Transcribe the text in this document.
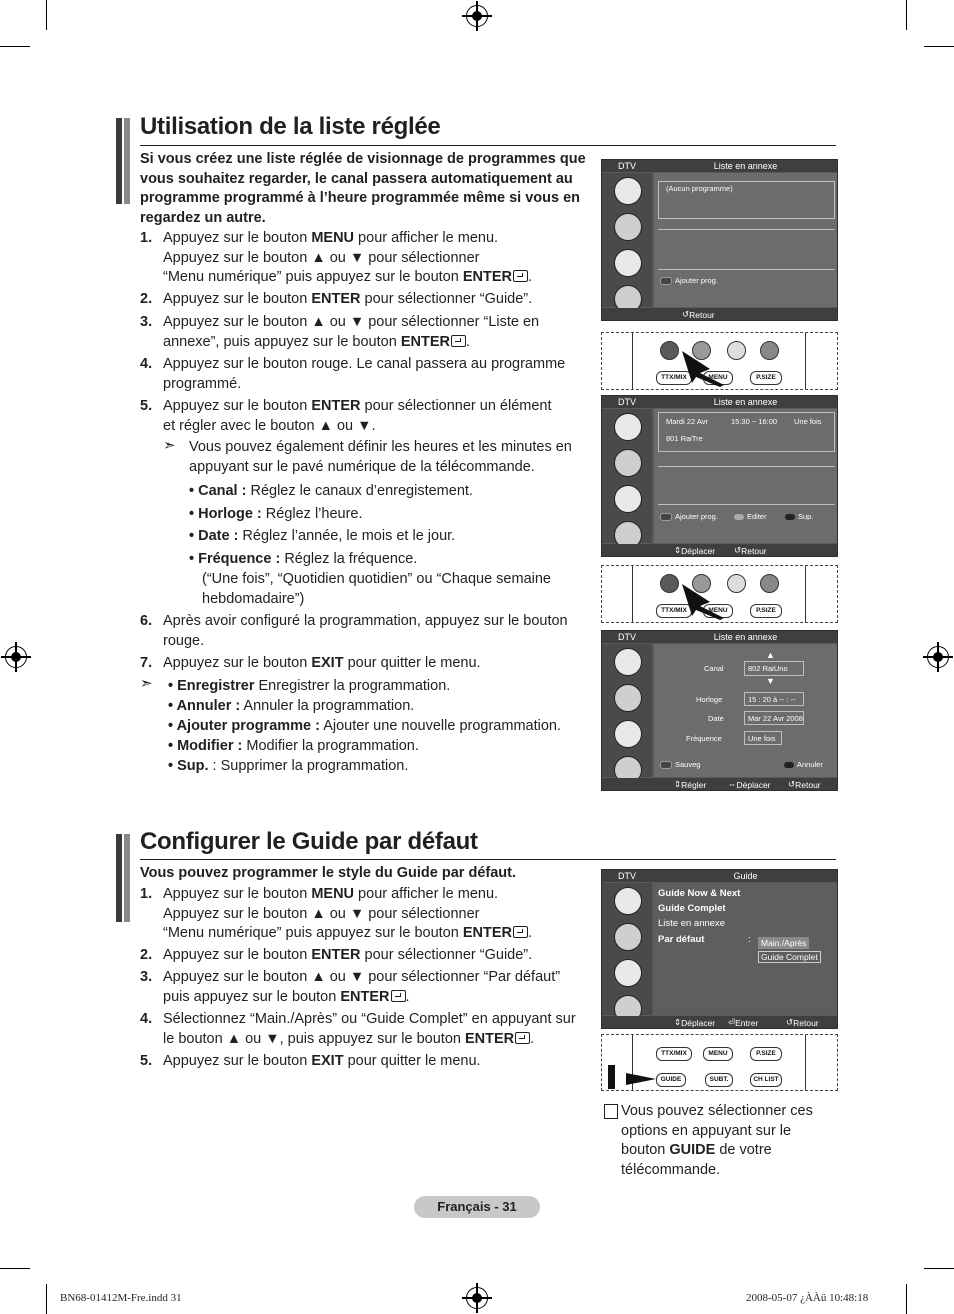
Utilisation de la liste réglée
Si vous créez une liste réglée de visionnage de programmes que vous souhaitez regarder, le canal passera automatiquement au programme programmé à l’heure programmée même si vous en regardez un autre.
1. Appuyez sur le bouton MENU pour afficher le menu.
Appuyez sur le bouton ▲ ou ▼ pour sélectionner
“Menu numérique” puis appuyez sur le bouton ENTER .
2. Appuyez sur le bouton ENTER pour sélectionner “Guide”.
3. Appuyez sur le bouton ▲ ou ▼ pour sélectionner “Liste en
annexe”, puis appuyez sur le bouton ENTER .
4. Appuyez sur le bouton rouge. Le canal passera au programme
programmé.
5. Appuyez sur le bouton ENTER pour sélectionner un élément
et régler avec le bouton ▲ ou ▼.
➣ Vous pouvez également définir les heures et les minutes en
appuyant sur le pavé numérique de la télécommande.
• Canal : Réglez le canaux d’enregistement.
• Horloge : Réglez l’heure.
• Date : Réglez l’année, le mois et le jour.
• Fréquence : Réglez la fréquence.
(“Une fois”, “Quotidien quotidien” ou “Chaque semaine
hebdomadaire”)
6. Après avoir configuré la programmation, appuyez sur le bouton
rouge.
7. Appuyez sur le bouton EXIT pour quitter le menu.
➣ • Enregistrer Enregistrer la programmation.
• Annuler : Annuler la programmation.
• Ajouter programme : Ajouter une nouvelle programmation.
• Modifier : Modifier la programmation.
• Sup. : Supprimer la programmation.
DTV	Liste en annexe
(Aucun programme)
Ajouter prog.
↺ Retour
TTX/MIX	MENU	P.SIZE
DTV	Liste en annexe
Mardi 22 Avr	15:30 ~ 16:00 Une fois
801 RaiTre
Ajouter prog.	Editer	Sup.
⇕ Déplacer ↺ Retour
TTX/MIX	MENU	P.SIZE
DTV	Liste en annexe
▲
Canal	802 RaiUno
▼
Horloge	15 : 20 à -- : --
Date	Mar 22 Avr 2008
Fréquence	Une fois
Sauveg	Annuler
⇕ Régler	⇔ Déplacer ↺ Retour
Configurer le Guide par défaut
Vous pouvez programmer le style du Guide par défaut.
1. Appuyez sur le bouton MENU pour afficher le menu.
Appuyez sur le bouton ▲ ou ▼ pour sélectionner
“Menu numérique” puis appuyez sur le bouton ENTER .
2. Appuyez sur le bouton ENTER pour sélectionner “Guide”.
3. Appuyez sur le bouton ▲ ou ▼ pour sélectionner “Par défaut”
puis appuyez sur le bouton ENTER .
4. Sélectionnez “Main./Après” ou “Guide Complet” en appuyant sur
le bouton ▲ ou ▼, puis appuyez sur le bouton ENTER .
5. Appuyez sur le bouton EXIT pour quitter le menu.
DTV	Guide
Guide Now & Next
Guide Complet
Liste en annexe
Par défaut	:	Main./Après
Guide Complet
⇕ Déplacer ⏎ Entrer	↺ Retour
TTX/MIX	MENU	P.SIZE
GUIDE	SUBT.	CH LIST
Vous pouvez sélectionner ces
options en appuyant sur le
bouton GUIDE de votre
télécommande.
Français - 31
BN68-01412M-Fre.indd 31	2008-05-07 ¿ÀÀü 10:48:18
